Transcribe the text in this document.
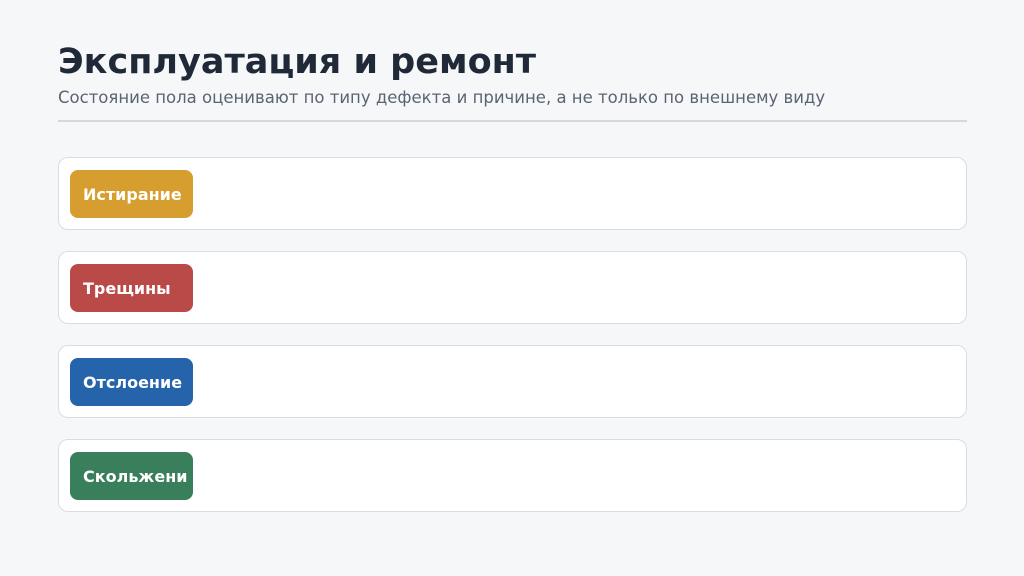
Эксплуатация и ремонт
Состояние пола оценивают по типу дефекта и причине, а не только по внешнему виду
Истирание
Трещины
Отслоение
Скольжени
